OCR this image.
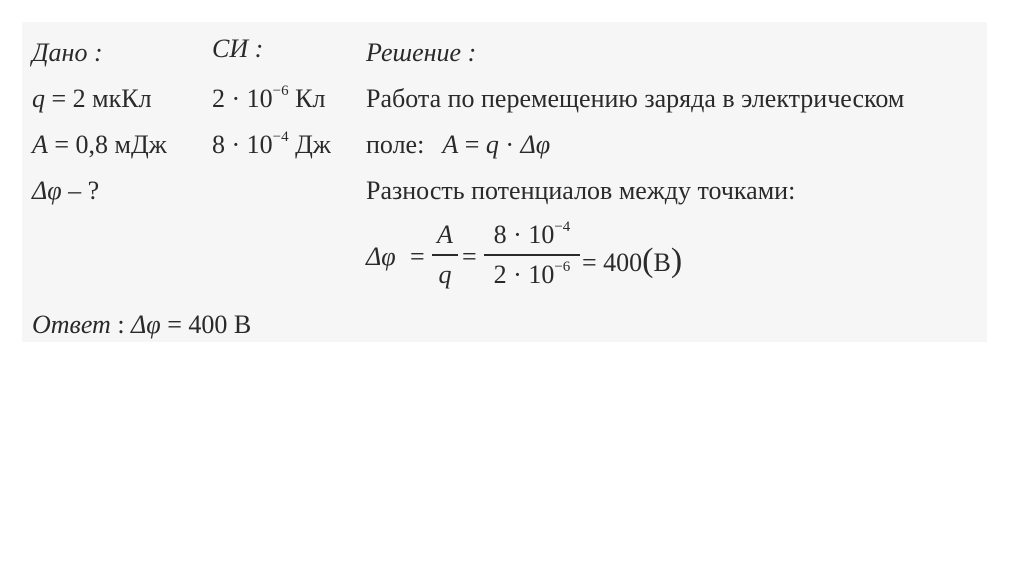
Дано :
q = 2 мкКл
A = 0,8 мДж
Δφ – ?
СИ :
$2 \cdot 10^{-6}$ Кл
$8 \cdot 10^{-4}$ Дж
Решение :
Работа по перемещению заряда в электрическом
поле: A = q · Δφ
Разность потенциалов между точками:
Δφ =
A
q
=
$8 \cdot 10^{-4}$
$2 \cdot 10^{-6} = 400(В)$
Ответ : Δφ = 400 В
